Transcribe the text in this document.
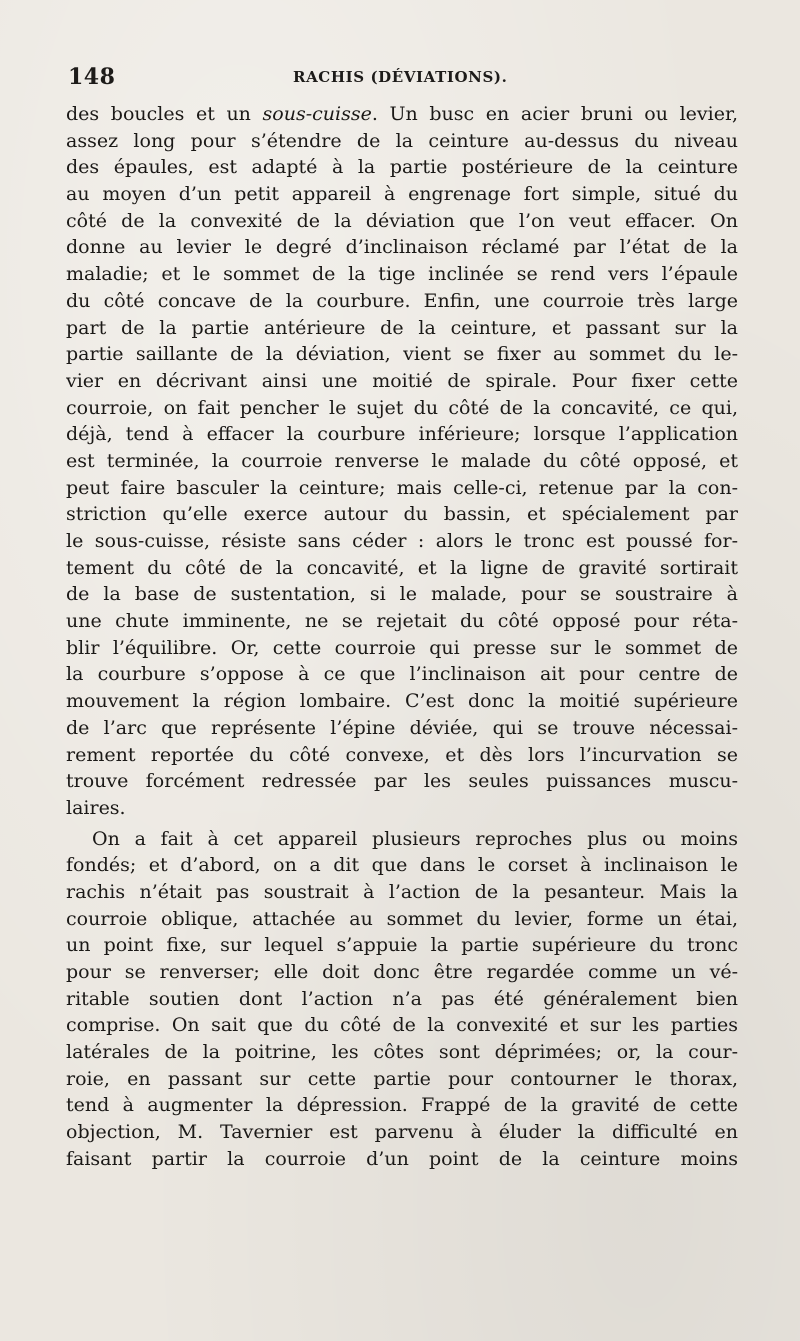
148	RACHIS (DÉVIATIONS).
des boucles et un sous-cuisse. Un busc en acier bruni ou levier,
assez long pour s’étendre de la ceinture au-dessus du niveau
des épaules, est adapté à la partie postérieure de la ceinture
au moyen d’un petit appareil à engrenage fort simple, situé du
côté de la convexité de la déviation que l’on veut effacer. On
donne au levier le degré d’inclinaison réclamé par l’état de la
maladie; et le sommet de la tige inclinée se rend vers l’épaule
du côté concave de la courbure. Enfin, une courroie très large
part de la partie antérieure de la ceinture, et passant sur la
partie saillante de la déviation, vient se fixer au sommet du le-
vier en décrivant ainsi une moitié de spirale. Pour fixer cette
courroie, on fait pencher le sujet du côté de la concavité, ce qui,
déjà, tend à effacer la courbure inférieure; lorsque l’application
est terminée, la courroie renverse le malade du côté opposé, et
peut faire basculer la ceinture; mais celle-ci, retenue par la con-
striction qu’elle exerce autour du bassin, et spécialement par
le sous-cuisse, résiste sans céder : alors le tronc est poussé for-
tement du côté de la concavité, et la ligne de gravité sortirait
de la base de sustentation, si le malade, pour se soustraire à
une chute imminente, ne se rejetait du côté opposé pour réta-
blir l’équilibre. Or, cette courroie qui presse sur le sommet de
la courbure s’oppose à ce que l’inclinaison ait pour centre de
mouvement la région lombaire. C’est donc la moitié supérieure
de l’arc que représente l’épine déviée, qui se trouve nécessai-
rement reportée du côté convexe, et dès lors l’incurvation se
trouve forcément redressée par les seules puissances muscu-
laires.
On a fait à cet appareil plusieurs reproches plus ou moins
fondés; et d’abord, on a dit que dans le corset à inclinaison le
rachis n’était pas soustrait à l’action de la pesanteur. Mais la
courroie oblique, attachée au sommet du levier, forme un étai,
un point fixe, sur lequel s’appuie la partie supérieure du tronc
pour se renverser; elle doit donc être regardée comme un vé-
ritable soutien dont l’action n’a pas été généralement bien
comprise. On sait que du côté de la convexité et sur les parties
latérales de la poitrine, les côtes sont déprimées; or, la cour-
roie, en passant sur cette partie pour contourner le thorax,
tend à augmenter la dépression. Frappé de la gravité de cette
objection, M. Tavernier est parvenu à éluder la difficulté en
faisant partir la courroie d’un point de la ceinture moins
